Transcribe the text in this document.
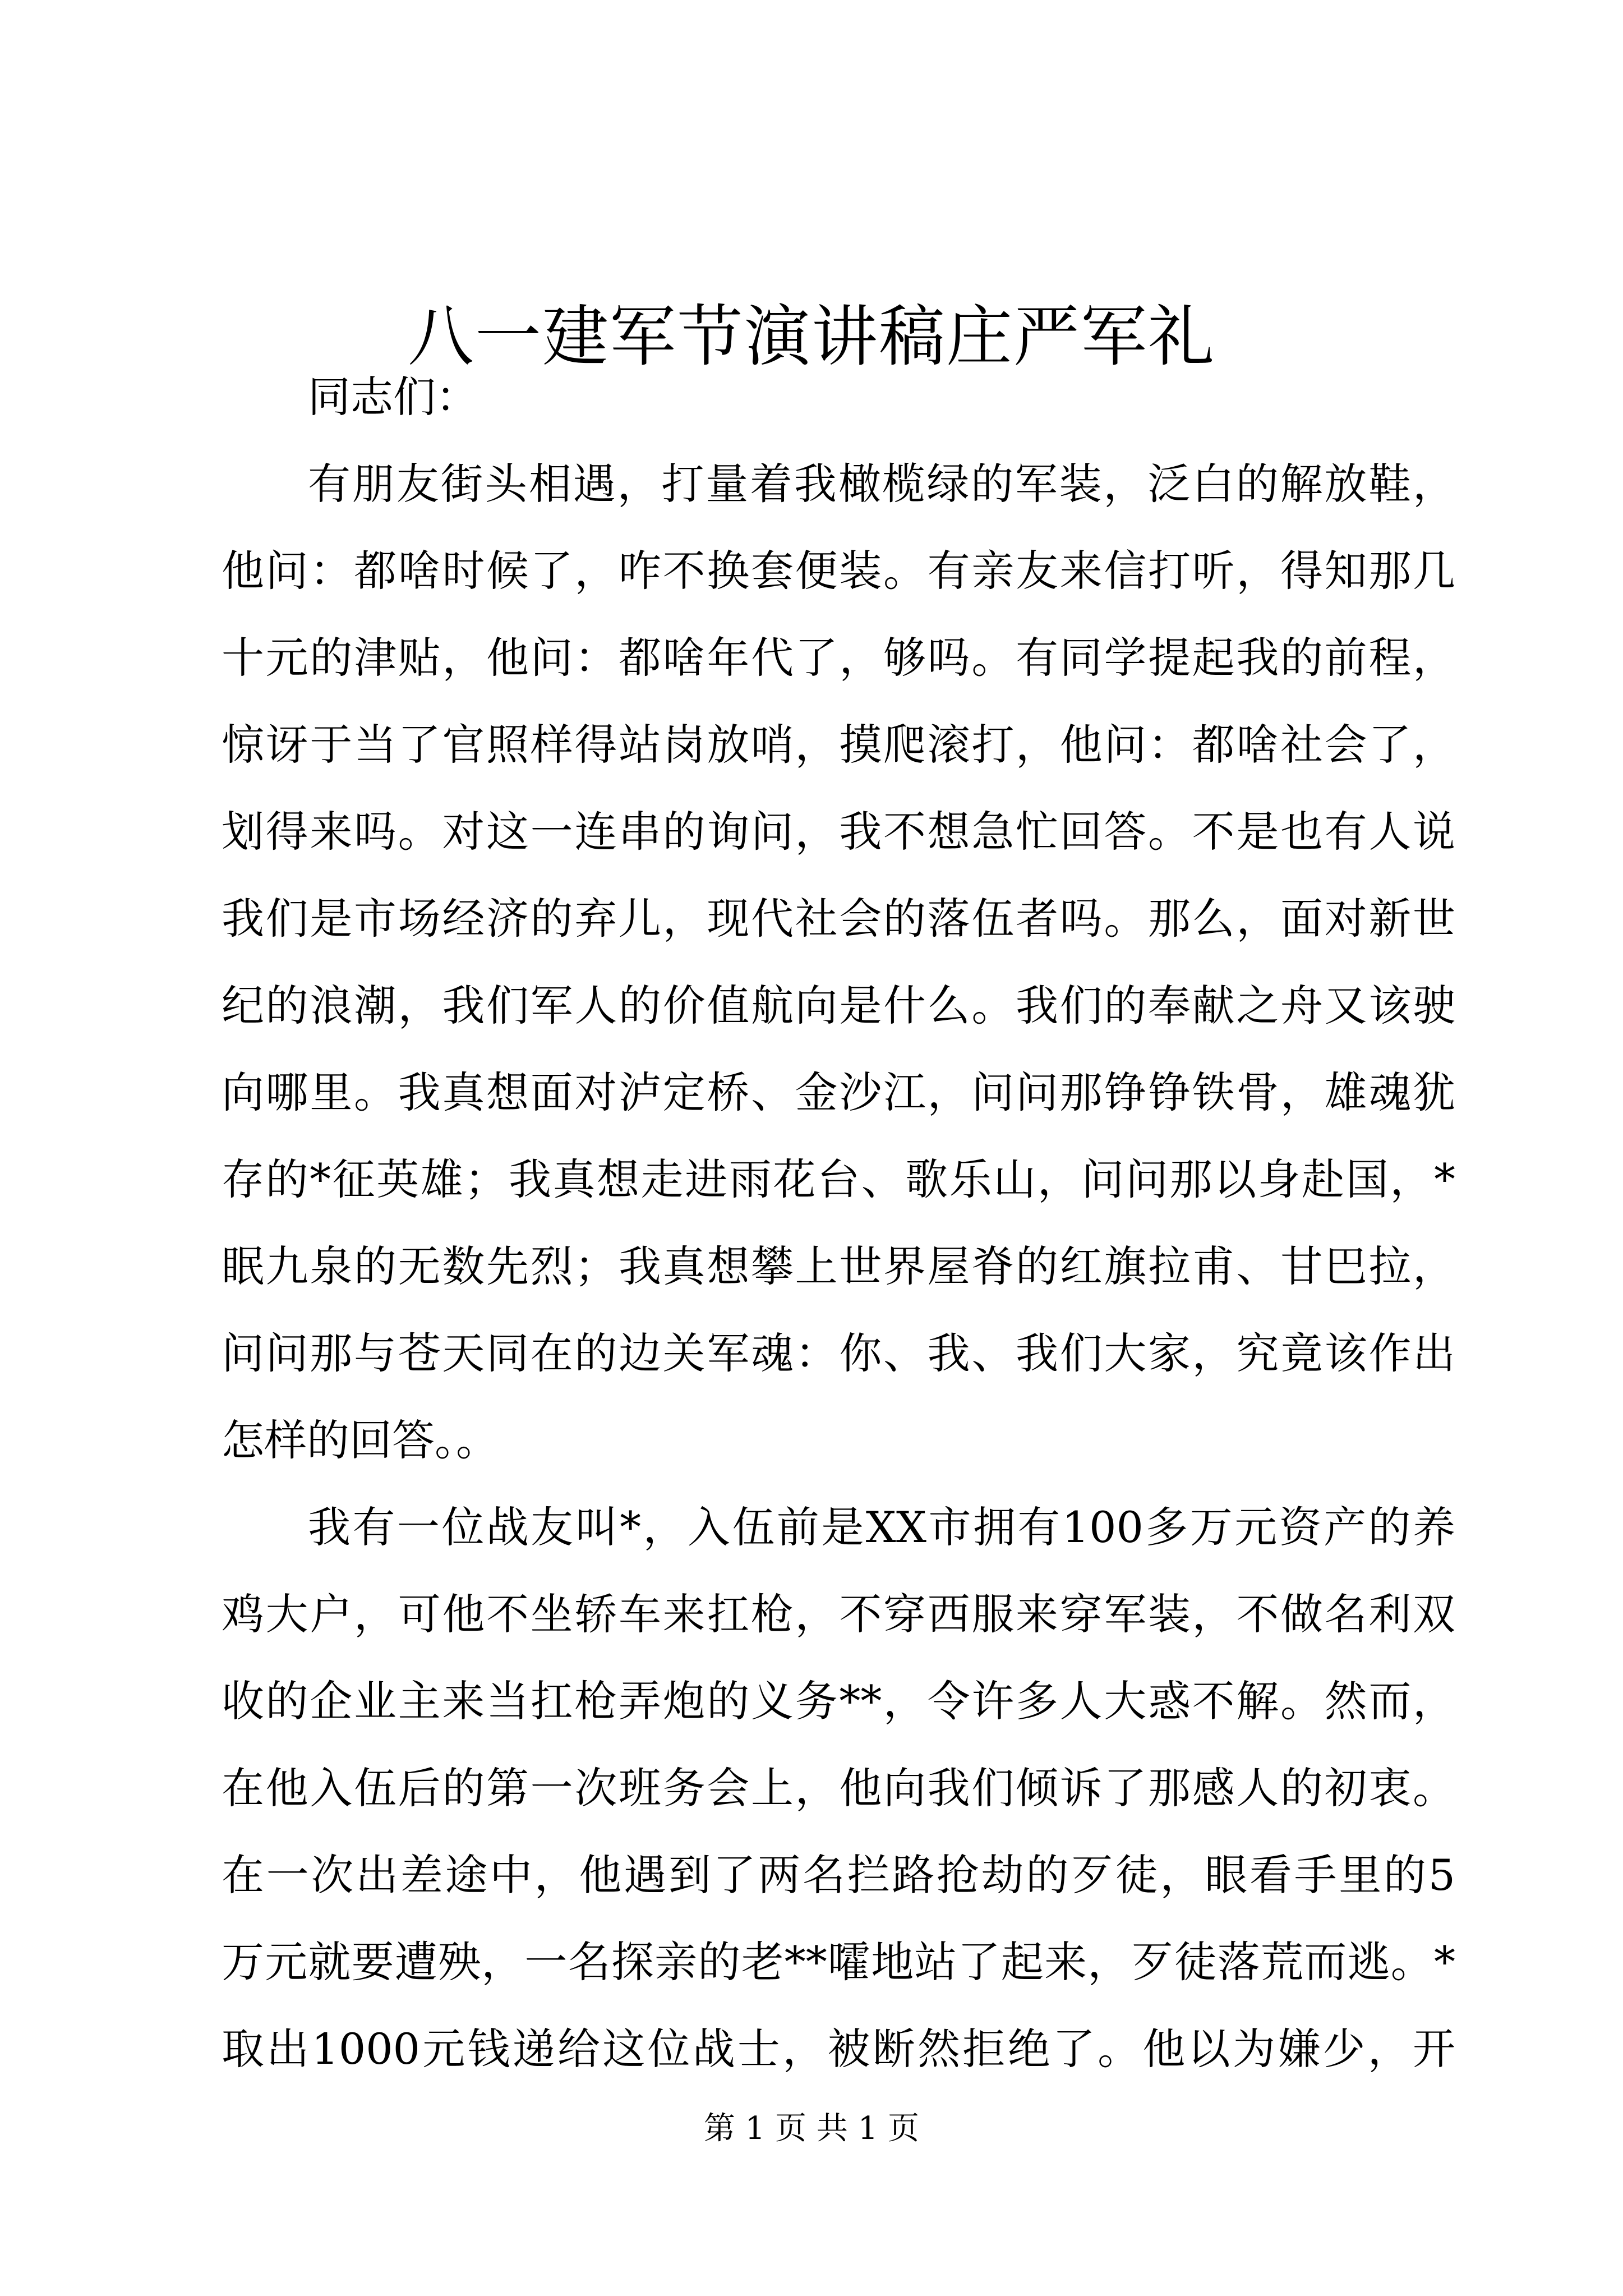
八一建军节演讲稿庄严军礼

同志们：

有朋友街头相遇，打量着我橄榄绿的军装，泛白的解放鞋，

他问：都啥时候了，咋不换套便装。有亲友来信打听，得知那几

十元的津贴，他问：都啥年代了，够吗。有同学提起我的前程，

惊讶于当了官照样得站岗放哨，摸爬滚打，他问：都啥社会了，

划得来吗。对这一连串的询问，我不想急忙回答。不是也有人说

我们是市场经济的弃儿，现代社会的落伍者吗。那么，面对新世

纪的浪潮，我们军人的价值航向是什么。我们的奉献之舟又该驶

向哪里。我真想面对泸定桥、金沙江，问问那铮铮铁骨，雄魂犹

存的*征英雄；我真想走进雨花台、歌乐山，问问那以身赴国，*

眠九泉的无数先烈；我真想攀上世界屋脊的红旗拉甫、甘巴拉，

问问那与苍天同在的边关军魂：你、我、我们大家，究竟该作出

怎样的回答。。

我有一位战友叫*，入伍前是XX市拥有100多万元资产的养

鸡大户，可他不坐轿车来扛枪，不穿西服来穿军装，不做名利双

收的企业主来当扛枪弄炮的义务**，令许多人大惑不解。然而，

在他入伍后的第一次班务会上，他向我们倾诉了那感人的初衷。

在一次出差途中，他遇到了两名拦路抢劫的歹徒，眼看手里的5

万元就要遭殃，一名探亲的老**嚯地站了起来，歹徒落荒而逃。*

取出1000元钱递给这位战士，被断然拒绝了。他以为嫌少，开

第 1 页 共 1 页
